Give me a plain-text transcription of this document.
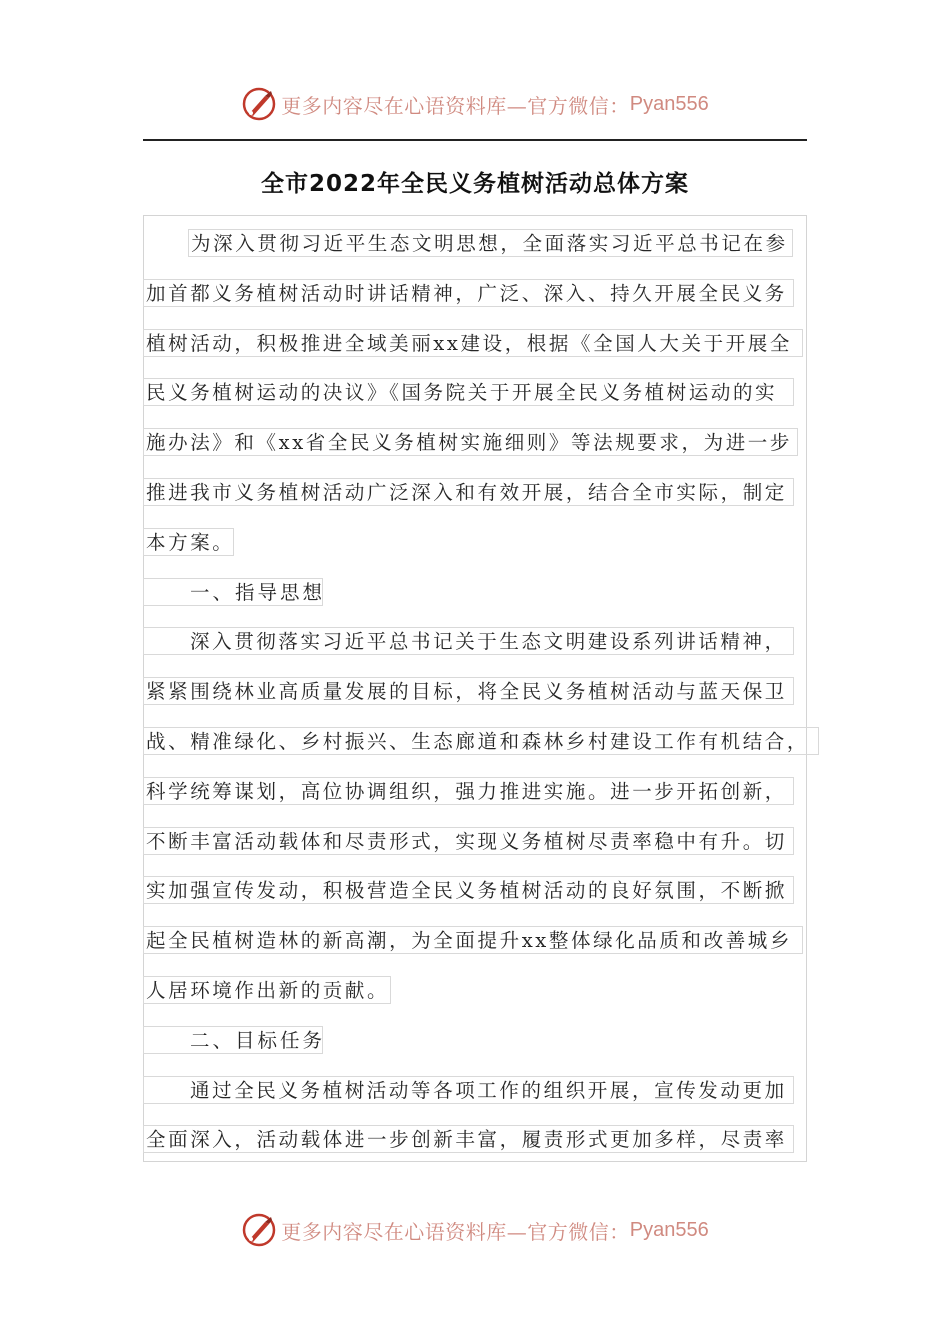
更多内容尽在心语资料库—官方微信： Pyan556
全市2022年全民义务植树活动总体方案
为深入贯彻习近平生态文明思想，全面落实习近平总书记在参
加首都义务植树活动时讲话精神，广泛、深入、持久开展全民义务
植树活动，积极推进全域美丽xx建设，根据《全国人大关于开展全
民义务植树运动的决议》《国务院关于开展全民义务植树运动的实
施办法》和《xx省全民义务植树实施细则》等法规要求，为进一步
推进我市义务植树活动广泛深入和有效开展，结合全市实际，制定
本方案。
一、指导思想
深入贯彻落实习近平总书记关于生态文明建设系列讲话精神，
紧紧围绕林业高质量发展的目标，将全民义务植树活动与蓝天保卫
战、精准绿化、乡村振兴、生态廊道和森林乡村建设工作有机结合，
科学统筹谋划，高位协调组织，强力推进实施。进一步开拓创新，
不断丰富活动载体和尽责形式，实现义务植树尽责率稳中有升。切
实加强宣传发动，积极营造全民义务植树活动的良好氛围，不断掀
起全民植树造林的新高潮，为全面提升xx整体绿化品质和改善城乡
人居环境作出新的贡献。
二、目标任务
通过全民义务植树活动等各项工作的组织开展，宣传发动更加
全面深入，活动载体进一步创新丰富，履责形式更加多样，尽责率
更多内容尽在心语资料库—官方微信： Pyan556
